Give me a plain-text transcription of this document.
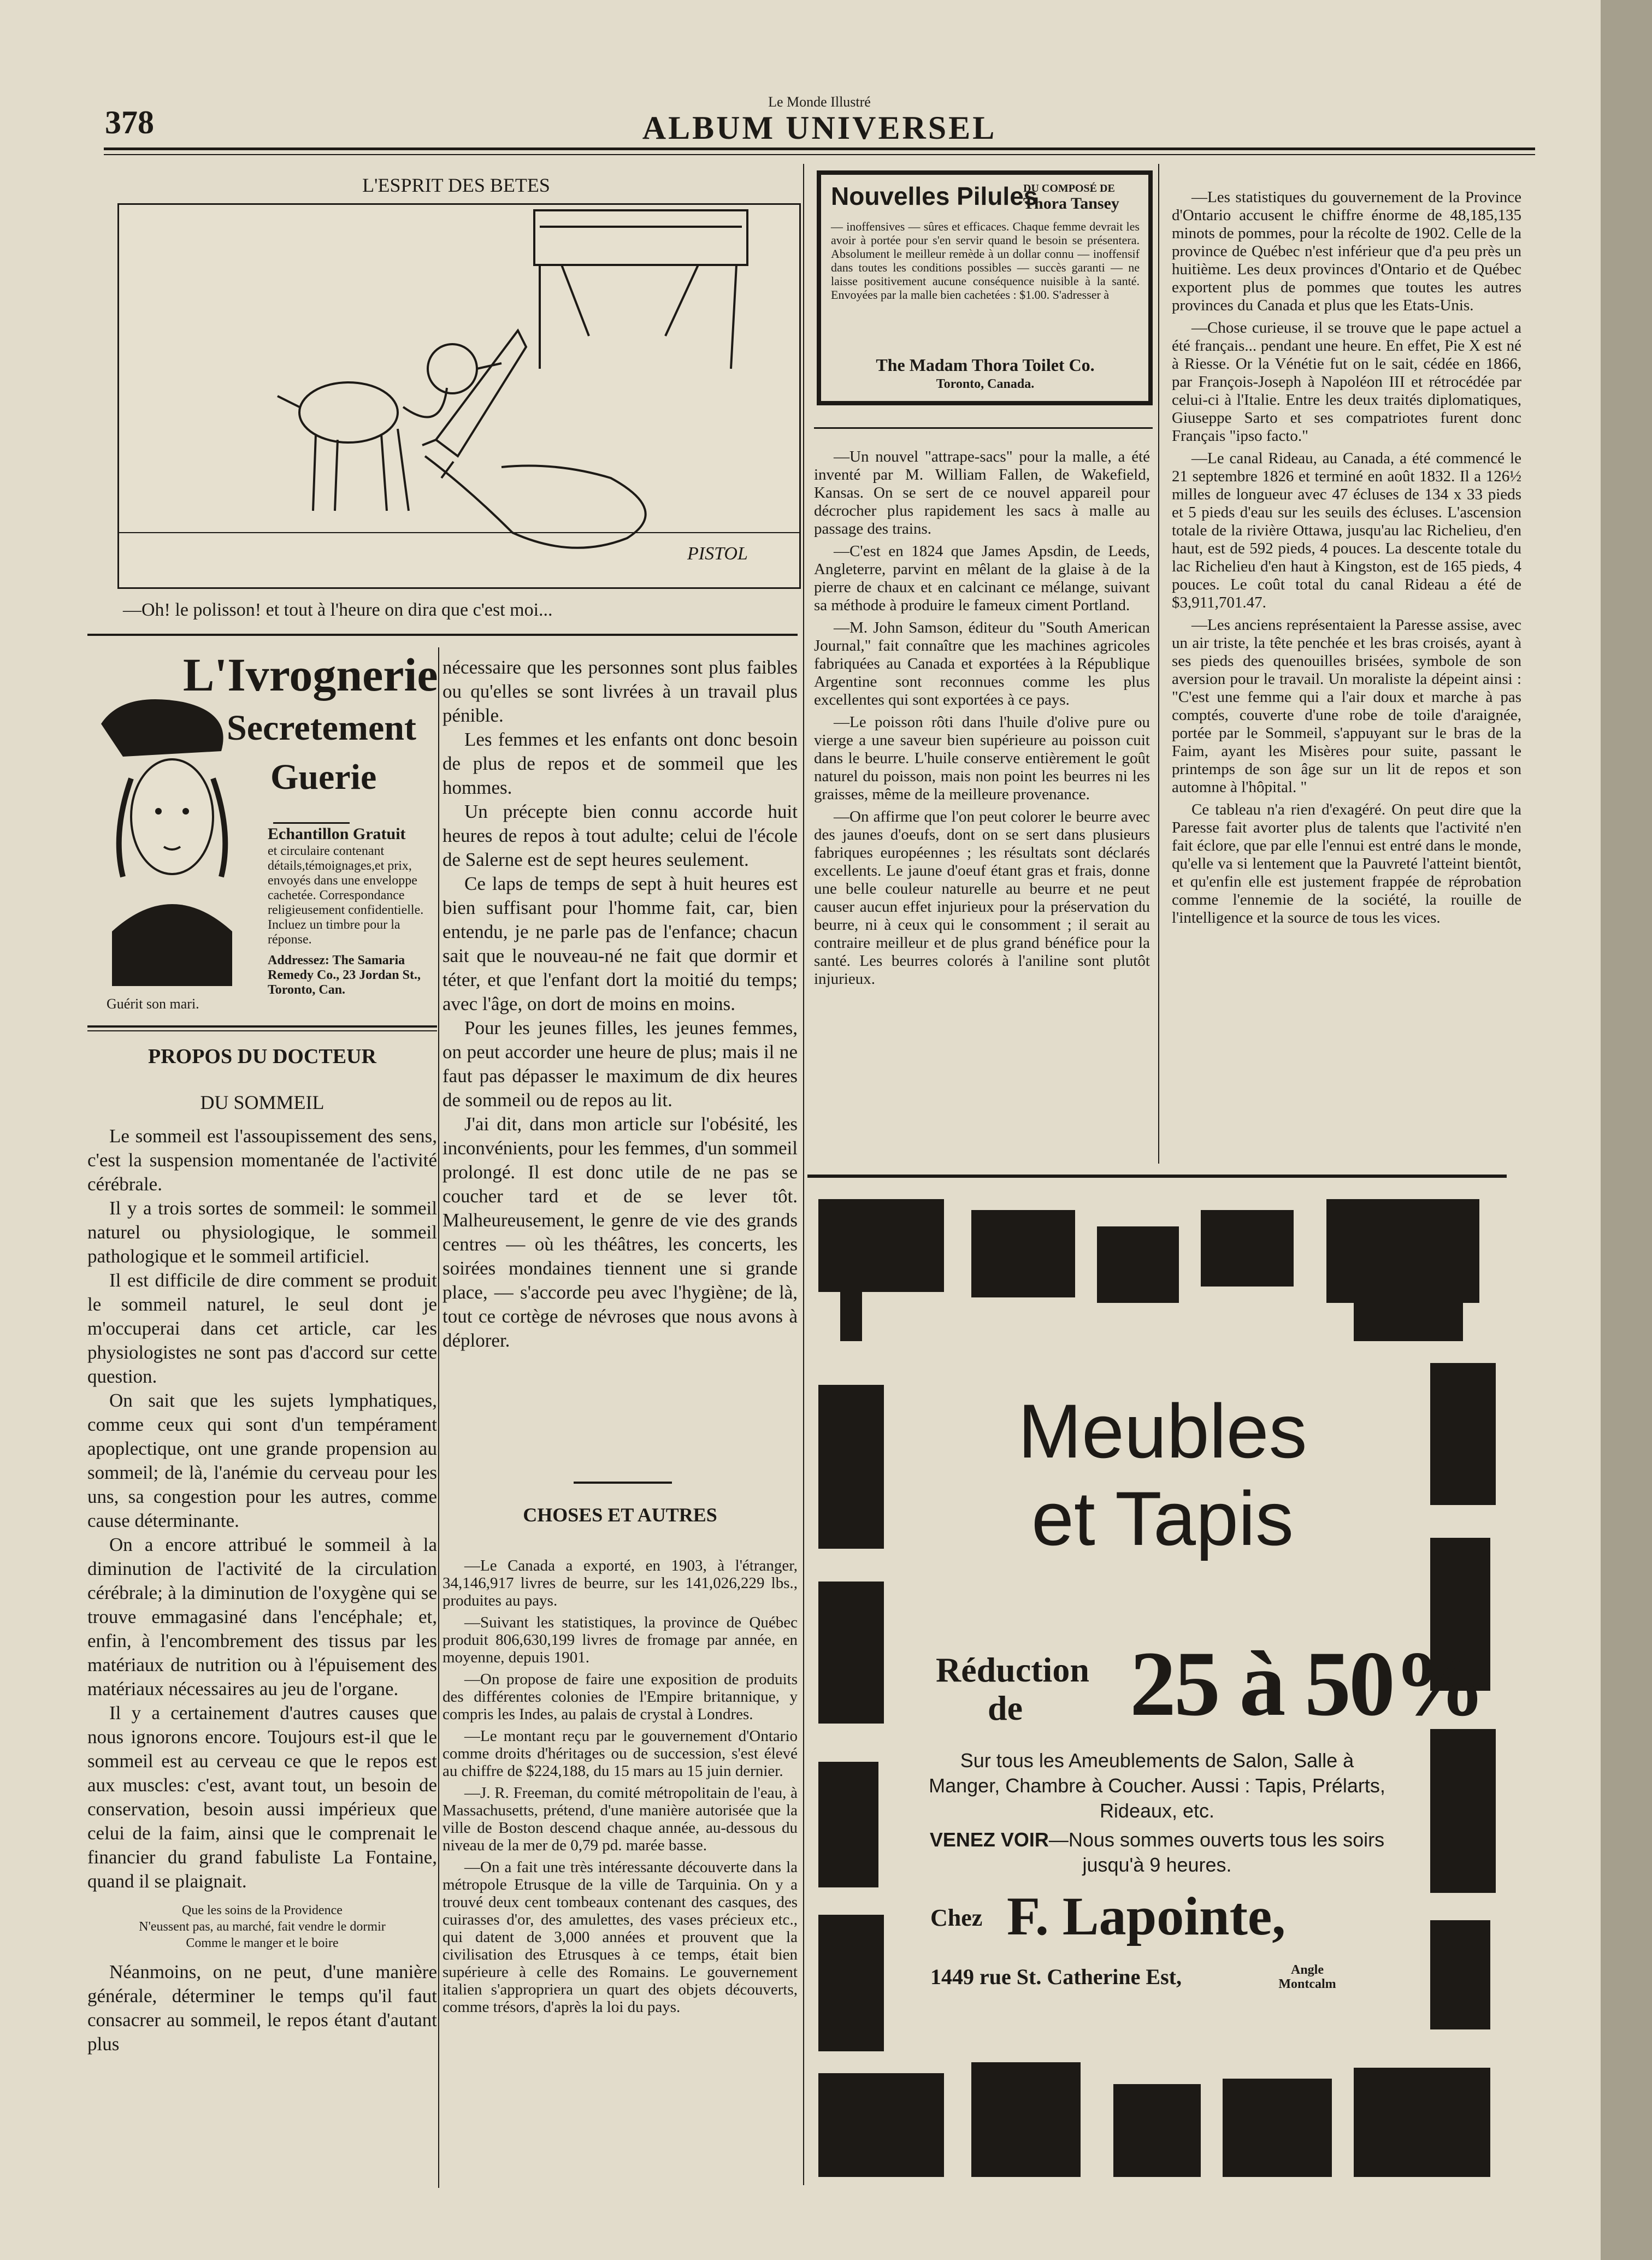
378
Le Monde Illustré
ALBUM UNIVERSEL
L'ESPRIT DES BETES
PISTOL
—Oh! le polisson! et tout à l'heure on dira que c'est moi...
L'Ivrognerie
Secretement
Guerie
Guérit son mari.
Echantillon Gratuit
et circulaire contenant détails,témoignages,et prix, envoyés dans une enveloppe cachetée. Correspondance religieusement confidentielle. Incluez un timbre pour la réponse.
Addressez: The Samaria Remedy Co., 23 Jordan St., Toronto, Can.
PROPOS DU DOCTEUR
DU SOMMEIL

Le sommeil est l'assoupissement des sens, c'est la suspension momentanée de l'activité cérébrale.

Il y a trois sortes de sommeil: le sommeil naturel ou physiologique, le sommeil pathologique et le sommeil artificiel.

Il est difficile de dire comment se produit le sommeil naturel, le seul dont je m'occuperai dans cet article, car les physiologistes ne sont pas d'accord sur cette question.

On sait que les sujets lymphatiques, comme ceux qui sont d'un tempérament apoplectique, ont une grande propension au sommeil; de là, l'anémie du cerveau pour les uns, sa congestion pour les autres, comme cause déterminante.

On a encore attribué le sommeil à la diminution de l'activité de la circulation cérébrale; à la diminution de l'oxygène qui se trouve emmagasiné dans l'encéphale; et, enfin, à l'encombrement des tissus par les matériaux de nutrition ou à l'épuisement des matériaux nécessaires au jeu de l'organe.

Il y a certainement d'autres causes que nous ignorons encore. Toujours est-il que le sommeil est au cerveau ce que le repos est aux muscles: c'est, avant tout, un besoin de conservation, besoin aussi impérieux que celui de la faim, ainsi que le comprenait le financier du grand fabuliste La Fontaine, quand il se plaignait.

Que les soins de la Providence
N'eussent pas, au marché, fait vendre le dormir
Comme le manger et le boire

Néanmoins, on ne peut, d'une manière générale, déterminer le temps qu'il faut consacrer au sommeil, le repos étant d'autant plus

nécessaire que les personnes sont plus faibles ou qu'elles se sont livrées à un travail plus pénible.

Les femmes et les enfants ont donc besoin de plus de repos et de sommeil que les hommes.

Un précepte bien connu accorde huit heures de repos à tout adulte; celui de l'école de Salerne est de sept heures seulement.

Ce laps de temps de sept à huit heures est bien suffisant pour l'homme fait, car, bien entendu, je ne parle pas de l'enfance; chacun sait que le nouveau-né ne fait que dormir et téter, et que l'enfant dort la moitié du temps; avec l'âge, on dort de moins en moins.

Pour les jeunes filles, les jeunes femmes, on peut accorder une heure de plus; mais il ne faut pas dépasser le maximum de dix heures de sommeil ou de repos au lit.

J'ai dit, dans mon article sur l'obésité, les inconvénients, pour les femmes, d'un sommeil prolongé. Il est donc utile de ne pas se coucher tard et de se lever tôt. Malheureusement, le genre de vie des grands centres — où les théâtres, les concerts, les soirées mondaines tiennent une si grande place, — s'accorde peu avec l'hygiène; de là, tout ce cortège de névroses que nous avons à déplorer.

CHOSES ET AUTRES

—Le Canada a exporté, en 1903, à l'étranger, 34,146,917 livres de beurre, sur les 141,026,229 lbs., produites au pays.

—Suivant les statistiques, la province de Québec produit 806,630,199 livres de fromage par année, en moyenne, depuis 1901.

—On propose de faire une exposition de produits des différentes colonies de l'Empire britannique, y compris les Indes, au palais de crystal à Londres.

—Le montant reçu par le gouvernement d'Ontario comme droits d'héritages ou de succession, s'est élevé au chiffre de $224,188, du 15 mars au 15 juin dernier.

—J. R. Freeman, du comité métropolitain de l'eau, à Massachusetts, prétend, d'une manière autorisée que la ville de Boston descend chaque année, au-dessous du niveau de la mer de 0,79 pd. marée basse.

—On a fait une très intéressante découverte dans la métropole Etrusque de la ville de Tarquinia. On y a trouvé deux cent tombeaux contenant des casques, des cuirasses d'or, des amulettes, des vases précieux etc., qui datent de 3,000 années et prouvent que la civilisation des Etrusques à ce temps, était bien supérieure à celle des Romains. Le gouvernement italien s'appropriera un quart des objets découverts, comme trésors, d'après la loi du pays.

Nouvelles Pilules
DU COMPOSÉ DE
Thora Tansey
— inoffensives — sûres et efficaces. Chaque femme devrait les avoir à portée pour s'en servir quand le besoin se présentera. Absolument le meilleur remède à un dollar connu — inoffensif dans toutes les conditions possibles — succès garanti — ne laisse positivement aucune conséquence nuisible à la santé. Envoyées par la malle bien cachetées : $1.00. S'adresser à
The Madam Thora Toilet Co.
Toronto, Canada.

—Un nouvel "attrape-sacs" pour la malle, a été inventé par M. William Fallen, de Wakefield, Kansas. On se sert de ce nouvel appareil pour décrocher plus rapidement les sacs à malle au passage des trains.

—C'est en 1824 que James Apsdin, de Leeds, Angleterre, parvint en mêlant de la glaise à de la pierre de chaux et en calcinant ce mélange, suivant sa méthode à produire le fameux ciment Portland.

—M. John Samson, éditeur du "South American Journal," fait connaître que les machines agricoles fabriquées au Canada et exportées à la République Argentine sont reconnues comme les plus excellentes qui sont exportées à ce pays.

—Le poisson rôti dans l'huile d'olive pure ou vierge a une saveur bien supérieure au poisson cuit dans le beurre. L'huile conserve entièrement le goût naturel du poisson, mais non point les beurres ni les graisses, même de la meilleure provenance.

—On affirme que l'on peut colorer le beurre avec des jaunes d'oeufs, dont on se sert dans plusieurs fabriques européennes ; les résultats sont déclarés excellents. Le jaune d'oeuf étant gras et frais, donne une belle couleur naturelle au beurre et ne peut causer aucun effet injurieux pour la préservation du beurre, ni à ceux qui le consomment ; il serait au contraire meilleur et de plus grand bénéfice pour la santé. Les beurres colorés à l'aniline sont plutôt injurieux.

—Les statistiques du gouvernement de la Province d'Ontario accusent le chiffre énorme de 48,185,135 minots de pommes, pour la récolte de 1902. Celle de la province de Québec n'est inférieur que d'a peu près un huitième. Les deux provinces d'Ontario et de Québec exportent plus de pommes que toutes les autres provinces du Canada et plus que les Etats-Unis.

—Chose curieuse, il se trouve que le pape actuel a été français... pendant une heure. En effet, Pie X est né à Riesse. Or la Vénétie fut on le sait, cédée en 1866, par François-Joseph à Napoléon III et rétrocédée par celui-ci à l'Italie. Entre les deux traités diplomatiques, Giuseppe Sarto et ses compatriotes furent donc Français "ipso facto."

—Le canal Rideau, au Canada, a été commencé le 21 septembre 1826 et terminé en août 1832. Il a 126½ milles de longueur avec 47 écluses de 134 x 33 pieds et 5 pieds d'eau sur les seuils des écluses. L'ascension totale de la rivière Ottawa, jusqu'au lac Richelieu, d'en haut, est de 592 pieds, 4 pouces. La descente totale du lac Richelieu d'en haut à Kingston, est de 165 pieds, 4 pouces. Le coût total du canal Rideau a été de $3,911,701.47.

—Les anciens représentaient la Paresse assise, avec un air triste, la tête penchée et les bras croisés, ayant à ses pieds des quenouilles brisées, symbole de son aversion pour le travail. Un moraliste la dépeint ainsi : "C'est une femme qui a l'air doux et marche à pas comptés, couverte d'une robe de toile d'araignée, portée par le Sommeil, s'appuyant sur le bras de la Faim, ayant les Misères pour suite, passant le printemps de son âge sur un lit de repos et son automne à l'hôpital. "

Ce tableau n'a rien d'exagéré. On peut dire que la Paresse fait avorter plus de talents que l'activité n'en fait éclore, que par elle l'ennui est entré dans le monde, qu'elle va si lentement que la Pauvreté l'atteint bientôt, et qu'enfin elle est justement frappée de réprobation comme l'ennemie de la société, la rouille de l'intelligence et la source de tous les vices.

Meubles
et Tapis
Réduction
de 25 à 50%
Sur tous les Ameublements de Salon, Salle à Manger, Chambre à Coucher. Aussi : Tapis, Prélarts, Rideaux, etc.
VENEZ VOIR—Nous sommes ouverts tous les soirs jusqu'à 9 heures.
Chez F. Lapointe,
1449 rue St. Catherine Est,	Angle
Montcalm
